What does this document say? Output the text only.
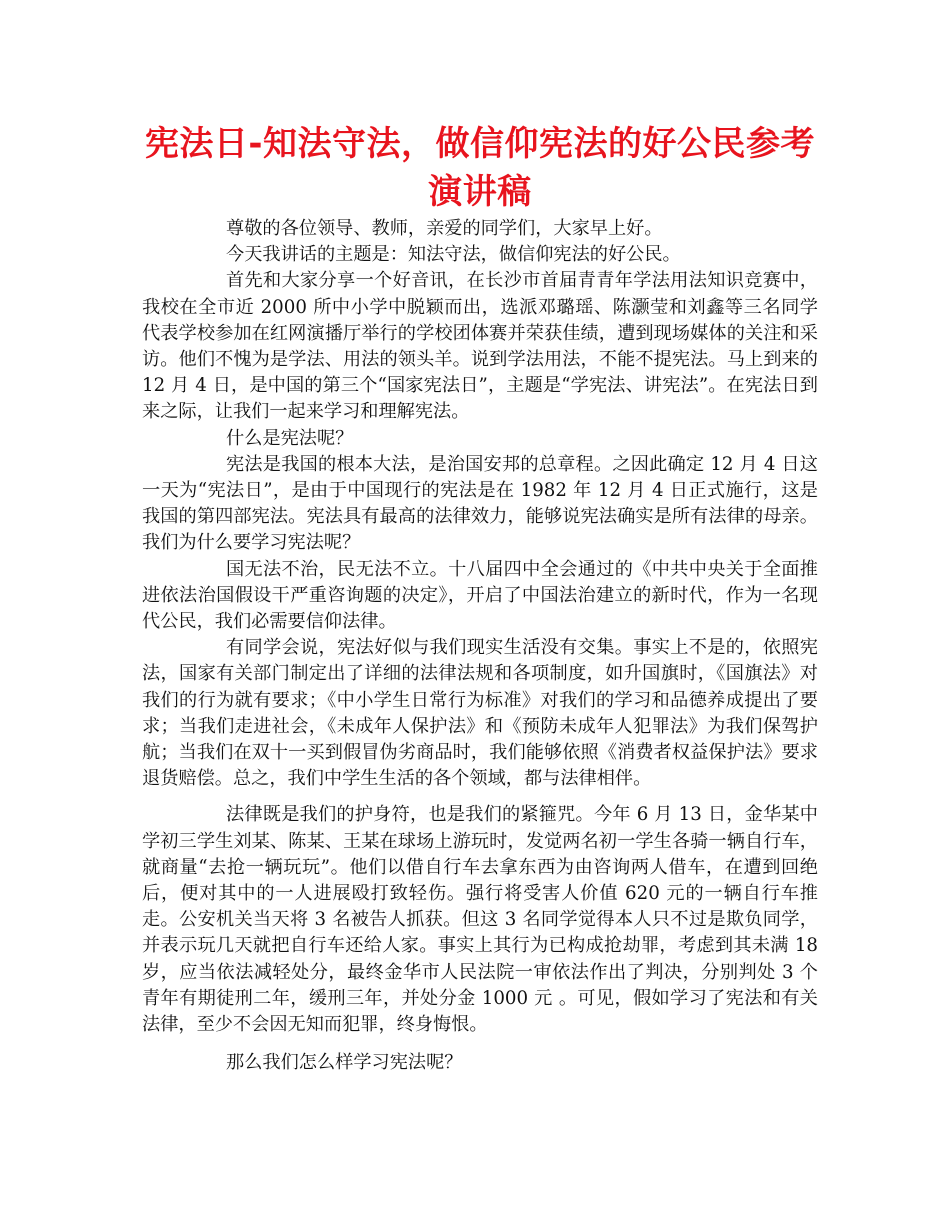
宪法日-知法守法，做信仰宪法的好公民参考演讲稿

尊敬的各位领导、教师，亲爱的同学们，大家早上好。

今天我讲话的主题是：知法守法，做信仰宪法的好公民。

首先和大家分享一个好音讯，在长沙市首届青青年学法用法知识竞赛中，我校在全市近 2000 所中小学中脱颖而出，选派邓璐瑶、陈灏莹和刘鑫等三名同学代表学校参加在红网演播厅举行的学校团体赛并荣获佳绩，遭到现场媒体的关注和采访。他们不愧为是学法、用法的领头羊。说到学法用法，不能不提宪法。马上到来的 12 月 4 日，是中国的第三个“国家宪法日”，主题是“学宪法、讲宪法”。在宪法日到来之际，让我们一起来学习和理解宪法。

什么是宪法呢？

宪法是我国的根本大法，是治国安邦的总章程。之因此确定 12 月 4 日这一天为“宪法日”，是由于中国现行的宪法是在 1982 年 12 月 4 日正式施行，这是我国的第四部宪法。宪法具有最高的法律效力，能够说宪法确实是所有法律的母亲。我们为什么要学习宪法呢？

国无法不治，民无法不立。十八届四中全会通过的《中共中央关于全面推进依法治国假设干严重咨询题的决定》，开启了中国法治建立的新时代，作为一名现代公民，我们必需要信仰法律。

有同学会说，宪法好似与我们现实生活没有交集。事实上不是的，依照宪法，国家有关部门制定出了详细的法律法规和各项制度，如升国旗时，《国旗法》对我们的行为就有要求；《中小学生日常行为标准》对我们的学习和品德养成提出了要求；当我们走进社会，《未成年人保护法》和《预防未成年人犯罪法》为我们保驾护航；当我们在双十一买到假冒伪劣商品时，我们能够依照《消费者权益保护法》要求退货赔偿。总之，我们中学生生活的各个领域，都与法律相伴。

法律既是我们的护身符，也是我们的紧箍咒。今年 6 月 13 日，金华某中学初三学生刘某、陈某、王某在球场上游玩时，发觉两名初一学生各骑一辆自行车，就商量“去抢一辆玩玩”。他们以借自行车去拿东西为由咨询两人借车，在遭到回绝后，便对其中的一人进展殴打致轻伤。强行将受害人价值 620 元的一辆自行车推走。公安机关当天将 3 名被告人抓获。但这 3 名同学觉得本人只不过是欺负同学，并表示玩几天就把自行车还给人家。事实上其行为已构成抢劫罪，考虑到其未满 18 岁，应当依法减轻处分，最终金华市人民法院一审依法作出了判决，分别判处 3 个青年有期徒刑二年，缓刑三年，并处分金 1000 元 。可见，假如学习了宪法和有关法律，至少不会因无知而犯罪，终身悔恨。

那么我们怎么样学习宪法呢？
